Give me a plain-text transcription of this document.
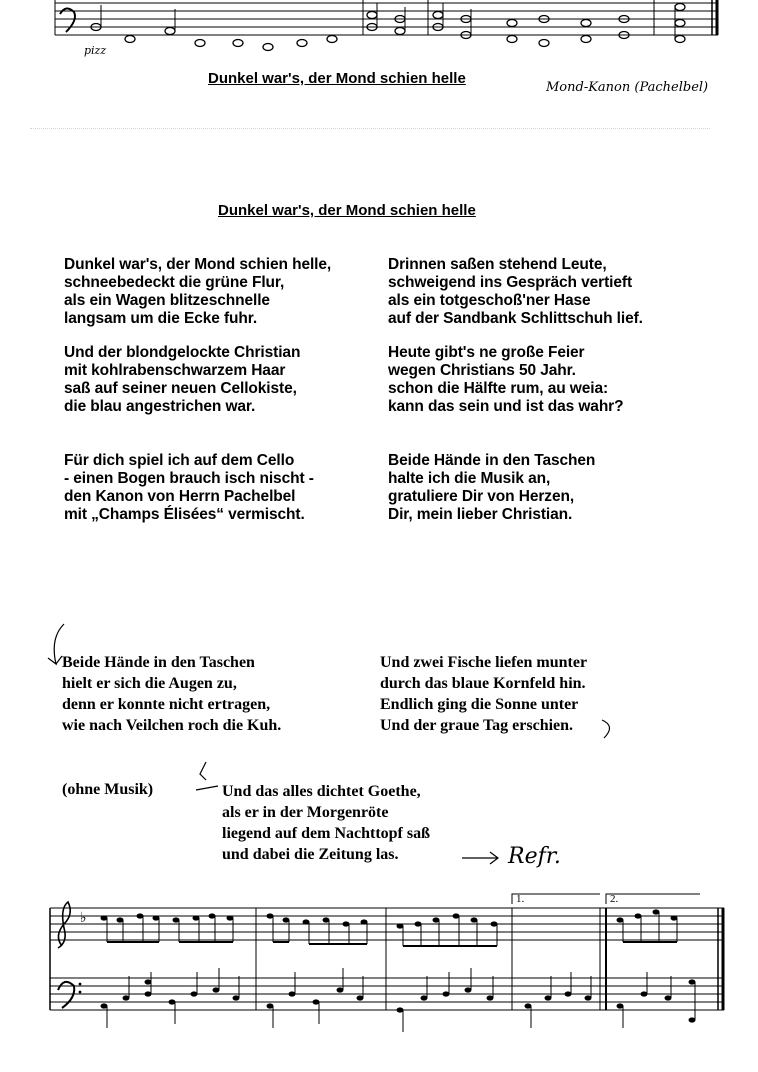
pizz
Dunkel war's, der Mond schien helle
Mond-Kanon (Pachelbel)
Dunkel war's, der Mond schien helle
Dunkel war's, der Mond schien helle,
schneebedeckt die grüne Flur,
als ein Wagen blitzeschnelle
langsam um die Ecke fuhr.
Und der blondgelockte Christian
mit kohlrabenschwarzem Haar
saß auf seiner neuen Cellokiste,
die blau angestrichen war.
Für dich spiel ich auf dem Cello
- einen Bogen brauch isch nischt -
den Kanon von Herrn Pachelbel
mit „Champs Élisées“ vermischt.
Drinnen saßen stehend Leute,
schweigend ins Gespräch vertieft
als ein totgeschoß'ner Hase
auf der Sandbank Schlittschuh lief.
Heute gibt's ne große Feier
wegen Christians 50 Jahr.
schon die Hälfte rum, au weia:
kann das sein und ist das wahr?
Beide Hände in den Taschen
halte ich die Musik an,
gratuliere Dir von Herzen,
Dir, mein lieber Christian.
Beide Hände in den Taschen
hielt er sich die Augen zu,
denn er konnte nicht ertragen,
wie nach Veilchen roch die Kuh.
Und zwei Fische liefen munter
durch das blaue Kornfeld hin.
Endlich ging die Sonne unter
Und der graue Tag erschien.
(ohne Musik)	Und das alles dichtet Goethe,
als er in der Morgenröte
liegend auf dem Nachttopf saß
und dabei die Zeitung las.	Refr.
♭
1.	2.
